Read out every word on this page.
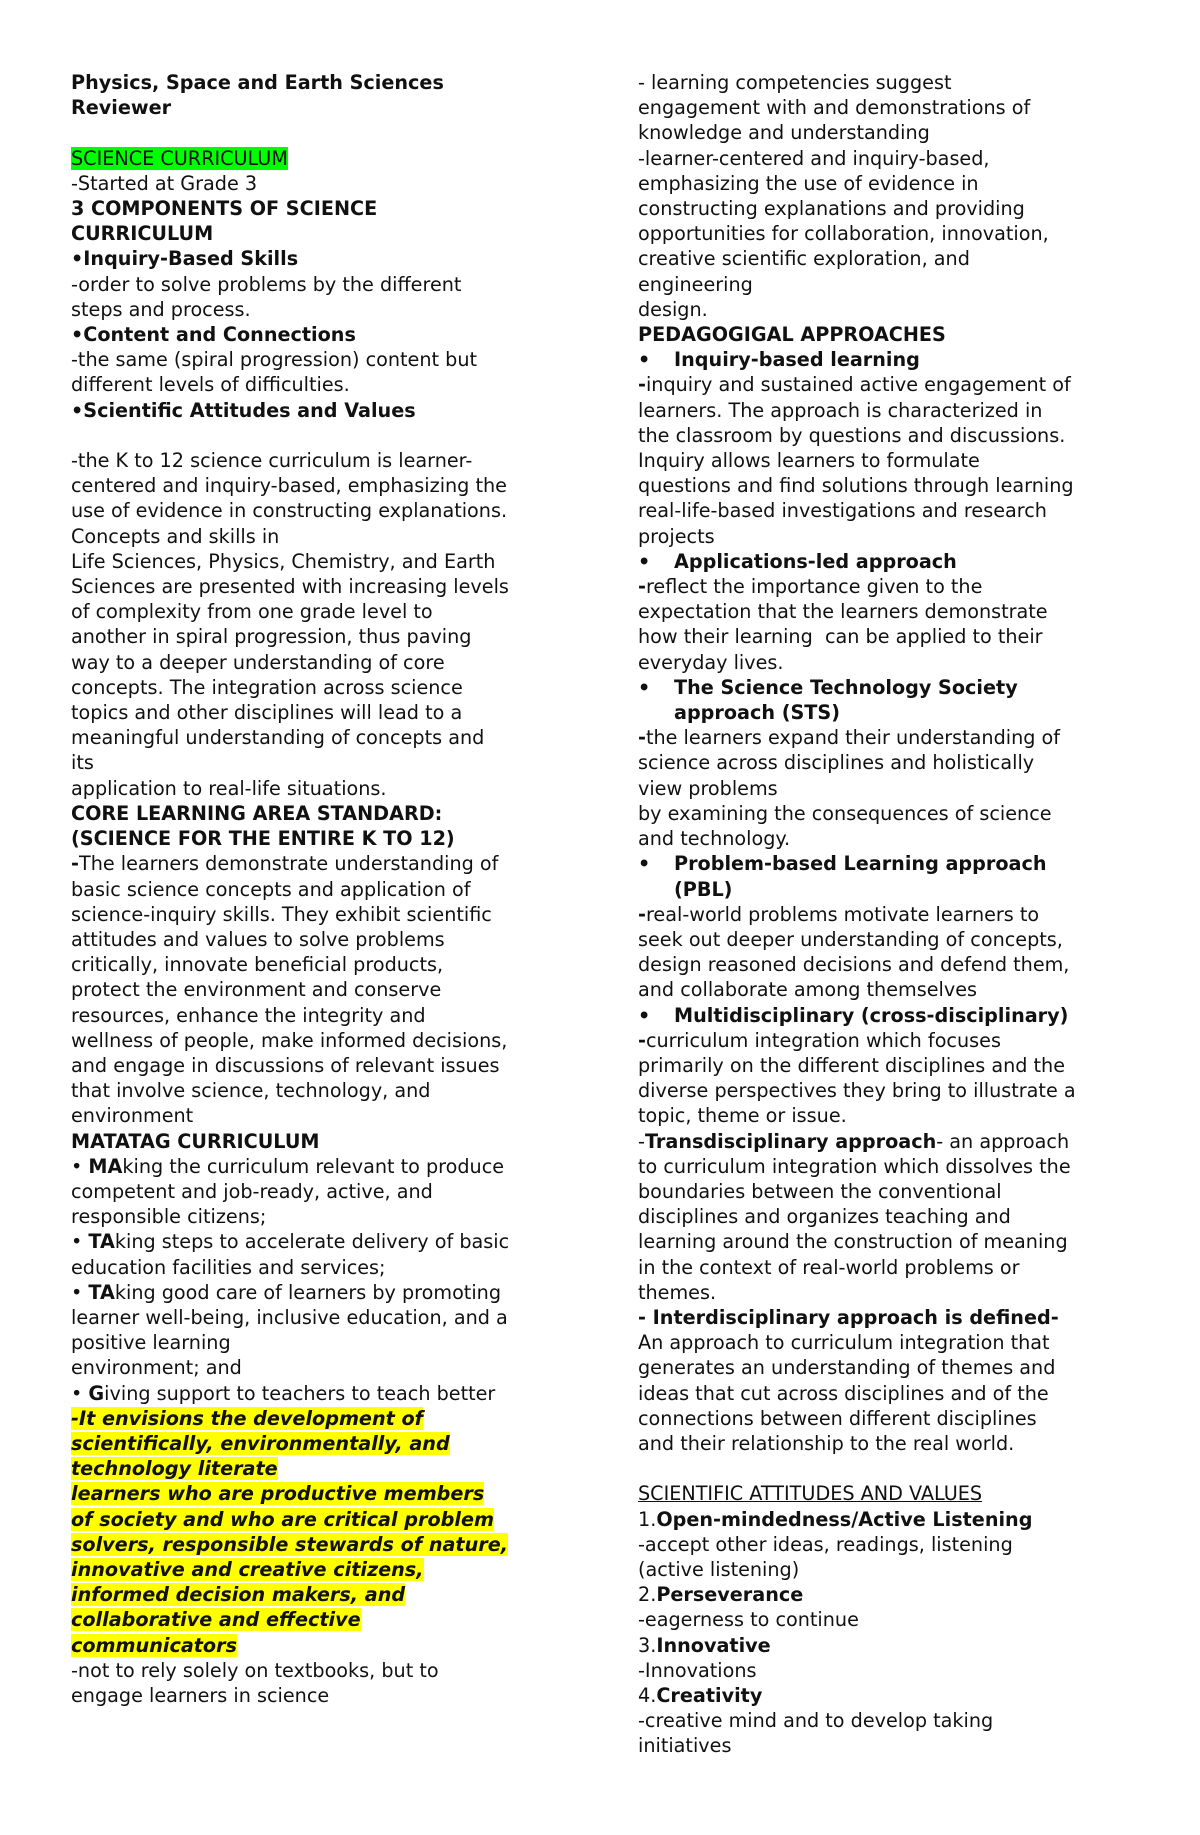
Physics, Space and Earth Sciences
Reviewer
SCIENCE CURRICULUM
-Started at Grade 3
3 COMPONENTS OF SCIENCE
CURRICULUM
•Inquiry-Based Skills
-order to solve problems by the different
steps and process.
•Content and Connections
-the same (spiral progression) content but
different levels of difficulties.
•Scientific Attitudes and Values
-the K to 12 science curriculum is learner-
centered and inquiry-based, emphasizing the
use of evidence in constructing explanations.
Concepts and skills in
Life Sciences, Physics, Chemistry, and Earth
Sciences are presented with increasing levels
of complexity from one grade level to
another in spiral progression, thus paving
way to a deeper understanding of core
concepts. The integration across science
topics and other disciplines will lead to a
meaningful understanding of concepts and
its
application to real-life situations.
CORE LEARNING AREA STANDARD:
(SCIENCE FOR THE ENTIRE K TO 12)
-The learners demonstrate understanding of
basic science concepts and application of
science-inquiry skills. They exhibit scientific
attitudes and values to solve problems
critically, innovate beneficial products,
protect the environment and conserve
resources, enhance the integrity and
wellness of people, make informed decisions,
and engage in discussions of relevant issues
that involve science, technology, and
environment
MATATAG CURRICULUM
• MAking the curriculum relevant to produce
competent and job-ready, active, and
responsible citizens;
• TAking steps to accelerate delivery of basic
education facilities and services;
• TAking good care of learners by promoting
learner well-being, inclusive education, and a
positive learning
environment; and
• Giving support to teachers to teach better
-It envisions the development of
scientifically, environmentally, and
technology literate
learners who are productive members
of society and who are critical problem
solvers, responsible stewards of nature,
innovative and creative citizens,
informed decision makers, and
collaborative and effective
communicators
-not to rely solely on textbooks, but to
engage learners in science
- learning competencies suggest
engagement with and demonstrations of
knowledge and understanding
-learner-centered and inquiry-based,
emphasizing the use of evidence in
constructing explanations and providing
opportunities for collaboration, innovation,
creative scientific exploration, and
engineering
design.
PEDAGOGIGAL APPROACHES
• Inquiry-based learning
-inquiry and sustained active engagement of
learners. The approach is characterized in
the classroom by questions and discussions.
Inquiry allows learners to formulate
questions and find solutions through learning
real-life-based investigations and research
projects
• Applications-led approach
-reflect the importance given to the
expectation that the learners demonstrate
how their learning  can be applied to their
everyday lives.
• The Science Technology Society
approach (STS)
-the learners expand their understanding of
science across disciplines and holistically
view problems
by examining the consequences of science
and technology.
• Problem-based Learning approach
(PBL)
-real-world problems motivate learners to
seek out deeper understanding of concepts,
design reasoned decisions and defend them,
and collaborate among themselves
• Multidisciplinary (cross-disciplinary)
-curriculum integration which focuses
primarily on the different disciplines and the
diverse perspectives they bring to illustrate a
topic, theme or issue.
-Transdisciplinary approach- an approach
to curriculum integration which dissolves the
boundaries between the conventional
disciplines and organizes teaching and
learning around the construction of meaning
in the context of real-world problems or
themes.
- Interdisciplinary approach is defined-
An approach to curriculum integration that
generates an understanding of themes and
ideas that cut across disciplines and of the
connections between different disciplines
and their relationship to the real world.
SCIENTIFIC ATTITUDES AND VALUES
1.Open-mindedness/Active Listening
-accept other ideas, readings, listening
(active listening)
2.Perseverance
-eagerness to continue
3.Innovative
-Innovations
4.Creativity
-creative mind and to develop taking
initiatives
